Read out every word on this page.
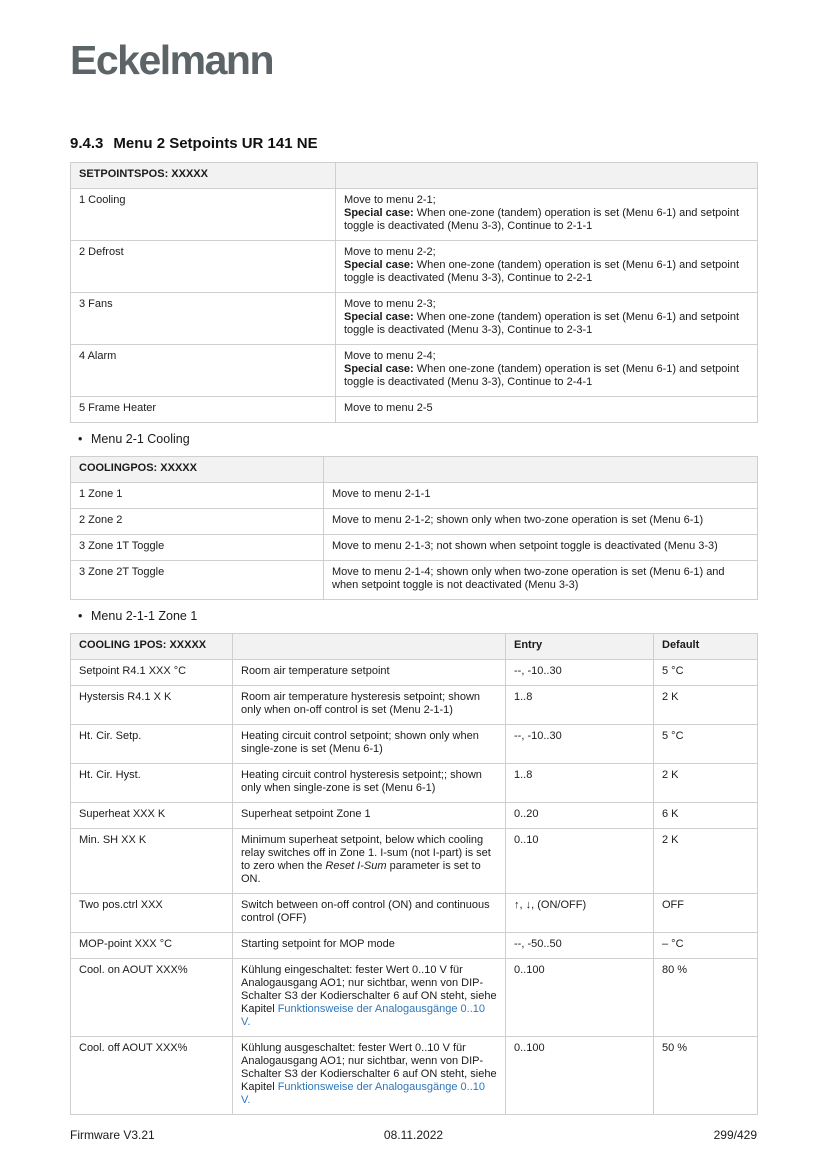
Eckelmann
9.4.3 Menu 2 Setpoints UR 141 NE
SETPOINTSPOS: XXXXX	
1 Cooling	Move to menu 2-1;
Special case: When one-zone (tandem) operation is set (Menu 6-1) and setpoint toggle is deactivated (Menu 3-3), Continue to 2-1-1

2 Defrost	Move to menu 2-2;
Special case: When one-zone (tandem) operation is set (Menu 6-1) and setpoint toggle is deactivated (Menu 3-3), Continue to 2-2-1

3 Fans	Move to menu 2-3;
Special case: When one-zone (tandem) operation is set (Menu 6-1) and setpoint toggle is deactivated (Menu 3-3), Continue to 2-3-1

4 Alarm	Move to menu 2-4;
Special case: When one-zone (tandem) operation is set (Menu 6-1) and setpoint toggle is deactivated (Menu 3-3), Continue to 2-4-1

5 Frame Heater	Move to menu 2-5
• Menu 2-1 Cooling
COOLINGPOS: XXXXX	
1 Zone 1	Move to menu 2-1-1
2 Zone 2	Move to menu 2-1-2; shown only when two-zone operation is set (Menu 6-1)
3 Zone 1T Toggle	Move to menu 2-1-3; not shown when setpoint toggle is deactivated (Menu 3-3)
3 Zone 2T Toggle	Move to menu 2-1-4; shown only when two-zone operation is set (Menu 6-1) and when setpoint toggle is not deactivated (Menu 3-3)
• Menu 2-1-1 Zone 1
COOLING 1POS: XXXXX		Entry	Default
Setpoint R4.1 XXX °C	Room air temperature setpoint	--, -10..30	5 °C
Hystersis R4.1 X K	Room air temperature hysteresis setpoint; shown only when on-off control is set (Menu 2-1-1)	1..8	2 K
Ht. Cir. Setp.	Heating circuit control setpoint; shown only when single-zone is set (Menu 6-1)	--, -10..30	5 °C
Ht. Cir. Hyst.	Heating circuit control hysteresis setpoint;; shown only when single-zone is set (Menu 6-1)	1..8	2 K
Superheat XXX K	Superheat setpoint Zone 1	0..20	6 K
Min. SH XX K	Minimum superheat setpoint, below which cooling relay switches off in Zone 1. I-sum (not I-part) is set to zero when the Reset I-Sum parameter is set to ON.	0..10	2 K
Two pos.ctrl XXX	Switch between on-off control (ON) and continuous control (OFF)	↑, ↓, (ON/OFF)	OFF
MOP-point XXX °C	Starting setpoint for MOP mode	--, -50..50	– °C
Cool. on AOUT XXX%	Kühlung eingeschaltet: fester Wert 0..10 V für Analogausgang AO1; nur sichtbar, wenn von DIP-Schalter S3 der Kodierschalter 6 auf ON steht, siehe Kapitel Funktionsweise der Analogausgänge 0..10 V.	0..100	80 %
Cool. off AOUT XXX%	Kühlung ausgeschaltet: fester Wert 0..10 V für Analogausgang AO1; nur sichtbar, wenn von DIP-Schalter S3 der Kodierschalter 6 auf ON steht, siehe Kapitel Funktionsweise der Analogausgänge 0..10 V.	0..100	50 %
Firmware V3.21	08.11.2022	299/429
